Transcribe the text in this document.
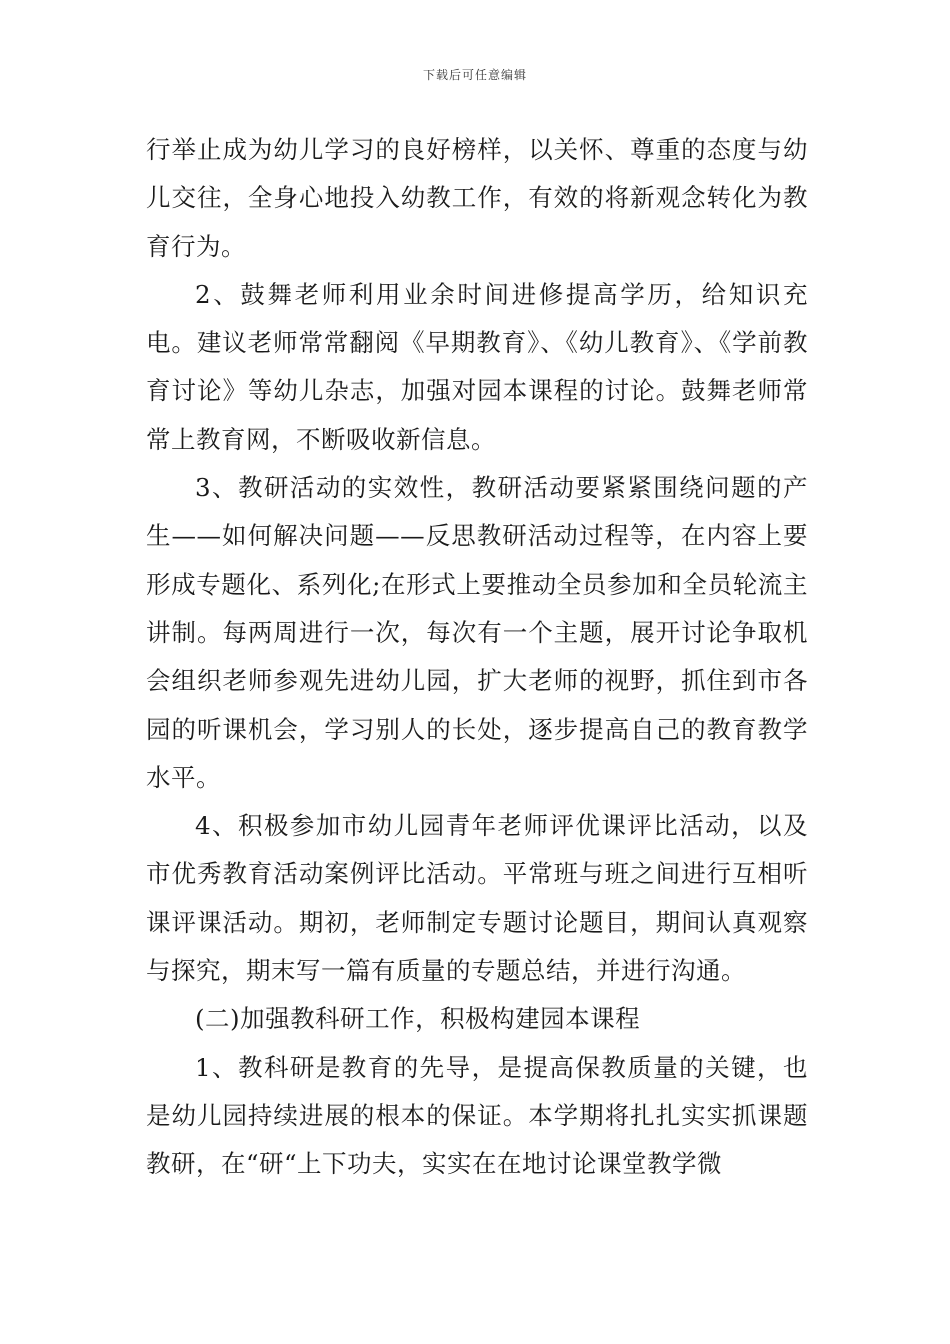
下载后可任意编辑

行举止成为幼儿学习的良好榜样，以关怀、尊重的态度与幼儿交往，全身心地投入幼教工作，有效的将新观念转化为教育行为。

2、鼓舞老师利用业余时间进修提高学历，给知识充电。建议老师常常翻阅《早期教育》、《幼儿教育》、《学前教育讨论》等幼儿杂志，加强对园本课程的讨论。鼓舞老师常常上教育网，不断吸收新信息。

3、教研活动的实效性，教研活动要紧紧围绕问题的产生——如何解决问题——反思教研活动过程等，在内容上要形成专题化、系列化;在形式上要推动全员参加和全员轮流主讲制。每两周进行一次，每次有一个主题，展开讨论争取机会组织老师参观先进幼儿园，扩大老师的视野，抓住到市各园的听课机会，学习别人的长处，逐步提高自己的教育教学水平。

4、积极参加市幼儿园青年老师评优课评比活动，以及市优秀教育活动案例评比活动。平常班与班之间进行互相听课评课活动。期初，老师制定专题讨论题目，期间认真观察与探究，期末写一篇有质量的专题总结，并进行沟通。

(二)加强教科研工作，积极构建园本课程

1、教科研是教育的先导，是提高保教质量的关键，也是幼儿园持续进展的根本的保证。本学期将扎扎实实抓课题教研，在“研“上下功夫，实实在在地讨论课堂教学微
